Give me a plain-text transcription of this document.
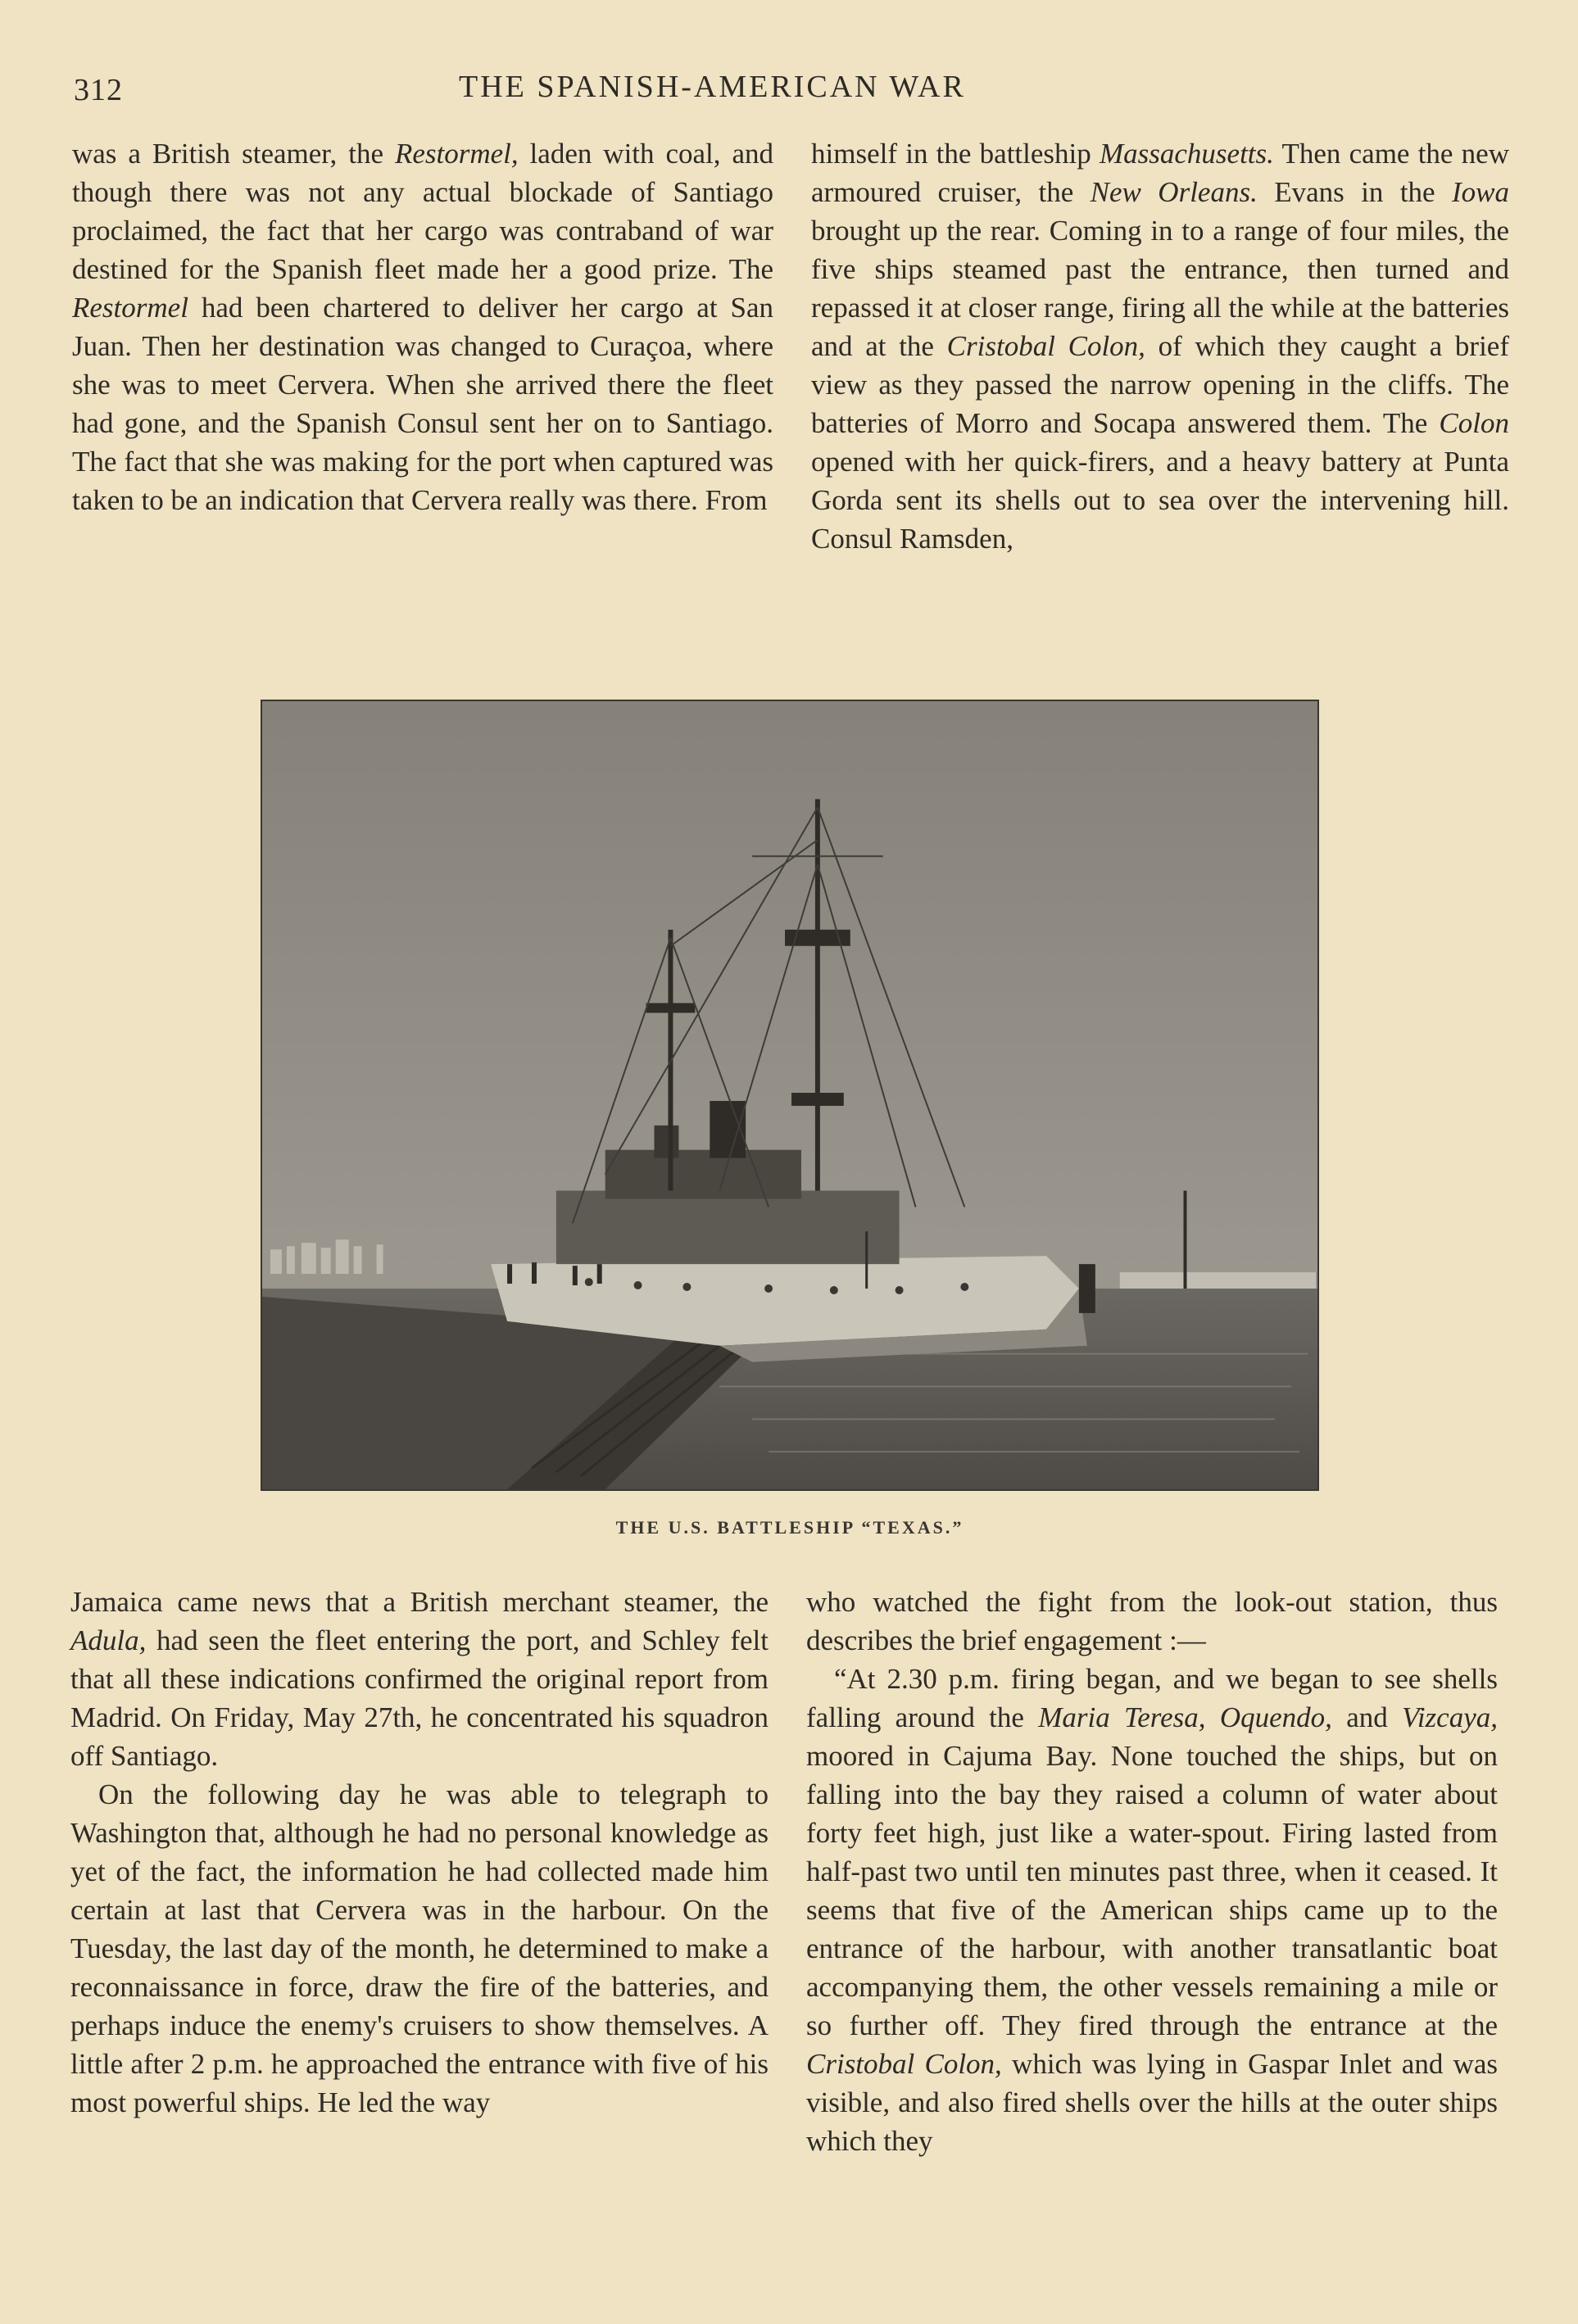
312	THE SPANISH-AMERICAN WAR

was a British steamer, the Restormel, laden with coal, and though there was not any actual blockade of Santiago proclaimed, the fact that her cargo was contraband of war destined for the Spanish fleet made her a good prize. The Restormel had been chartered to deliver her cargo at San Juan. Then her destination was changed to Curaçoa, where she was to meet Cervera. When she arrived there the fleet had gone, and the Spanish Consul sent her on to Santiago. The fact that she was making for the port when captured was taken to be an indication that Cervera really was there. From

himself in the battleship Massachusetts. Then came the new armoured cruiser, the New Orleans. Evans in the Iowa brought up the rear. Coming in to a range of four miles, the five ships steamed past the entrance, then turned and repassed it at closer range, firing all the while at the batteries and at the Cristobal Colon, of which they caught a brief view as they passed the narrow opening in the cliffs. The batteries of Morro and Socapa answered them. The Colon opened with her quick-firers, and a heavy battery at Punta Gorda sent its shells out to sea over the intervening hill. Consul Ramsden,

THE U.S. BATTLESHIP “TEXAS.”

Jamaica came news that a British merchant steamer, the Adula, had seen the fleet entering the port, and Schley felt that all these indications confirmed the original report from Madrid. On Friday, May 27th, he concentrated his squadron off Santiago.

On the following day he was able to telegraph to Washington that, although he had no personal knowledge as yet of the fact, the information he had collected made him certain at last that Cervera was in the harbour. On the Tuesday, the last day of the month, he determined to make a reconnaissance in force, draw the fire of the batteries, and perhaps induce the enemy's cruisers to show themselves. A little after 2 p.m. he approached the entrance with five of his most powerful ships. He led the way

who watched the fight from the look-out station, thus describes the brief engagement :—

“At 2.30 p.m. firing began, and we began to see shells falling around the Maria Teresa, Oquendo, and Vizcaya, moored in Cajuma Bay. None touched the ships, but on falling into the bay they raised a column of water about forty feet high, just like a water-spout. Firing lasted from half-past two until ten minutes past three, when it ceased. It seems that five of the American ships came up to the entrance of the harbour, with another transatlantic boat accompanying them, the other vessels remaining a mile or so further off. They fired through the entrance at the Cristobal Colon, which was lying in Gaspar Inlet and was visible, and also fired shells over the hills at the outer ships which they
